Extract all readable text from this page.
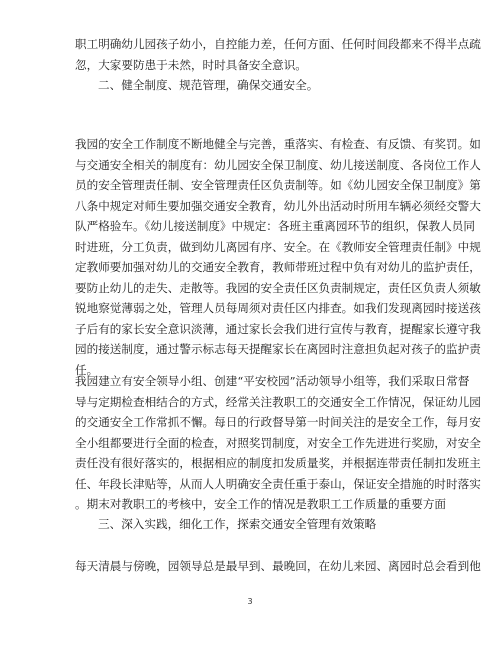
职工明确幼儿园孩子幼小，自控能力差，任何方面、任何时间段都来不得半点疏
忽，大家要防患于未然，时时具备安全意识。
二、健全制度、规范管理，确保交通安全。
我园的安全工作制度不断地健全与完善，重落实、有检查、有反馈、有奖罚。如
与交通安全相关的制度有：幼儿园安全保卫制度、幼儿接送制度、各岗位工作人
员的安全管理责任制、安全管理责任区负责制等。如《幼儿园安全保卫制度》第
八条中规定对师生要加强交通安全教育，幼儿外出活动时所用车辆必须经交警大
队严格验车。《幼儿接送制度》中规定：各班主重离园环节的组织，保教人员同
时进班，分工负责，做到幼儿离园有序、安全。在《教师安全管理责任制》中规
定教师要加强对幼儿的交通安全教育，教师带班过程中负有对幼儿的监护责任，
要防止幼儿的走失、走散等。我园的安全责任区负责制规定，责任区负责人须敏
锐地察觉薄弱之处，管理人员每周须对责任区内排查。如我们发现离园时接送孩
子后有的家长安全意识淡薄，通过家长会我们进行宣传与教育，提醒家长遵守我
园的接送制度，通过警示标志每天提醒家长在离园时注意担负起对孩子的监护责
任。
我园建立有安全领导小组、创建“平安校园”活动领导小组等，我们采取日常督
导与定期检查相结合的方式，经常关注教职工的交通安全工作情况，保证幼儿园
的交通安全工作常抓不懈。每日的行政督导第一时间关注的是安全工作，每月安
全小组都要进行全面的检查，对照奖罚制度，对安全工作先进进行奖励，对安全
责任没有很好落实的，根据相应的制度扣发质量奖，并根据连带责任制扣发班主
任、年段长津贴等，从而人人明确安全责任重于泰山，保证安全措施的时时落实
。期末对教职工的考核中，安全工作的情况是教职工工作质量的重要方面
三、深入实践，细化工作，探索交通安全管理有效策略
每天清晨与傍晚，园领导总是最早到、最晚回，在幼儿来园、离园时总会看到他
3
